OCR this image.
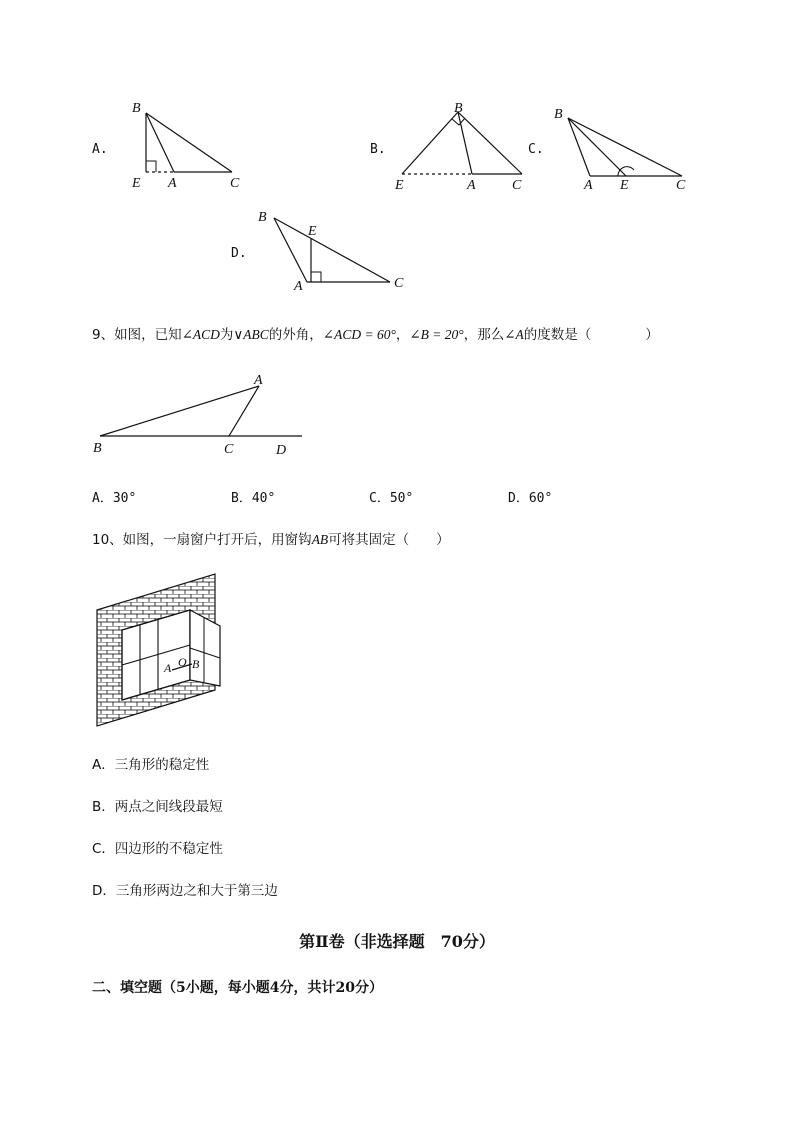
A.
B
E A	C
B.
B
E	A	C
C.
B
A E	C
D.
B
E
A	C
9、如图，已知∠ACD为∨ABC的外角，∠ACD = 60°，∠B = 20°，那么∠A的度数是（　　　　）
A
B	C	D
A．30°	B．40°	C．50°	D．60°
10、如图，一扇窗户打开后，用窗钩AB可将其固定（　　）
A O B
A．三角形的稳定性
B．两点之间线段最短
C．四边形的不稳定性
D．三角形两边之和大于第三边
第Ⅱ卷（非选择题　70分）
二、填空题（5小题，每小题4分，共计20分）
